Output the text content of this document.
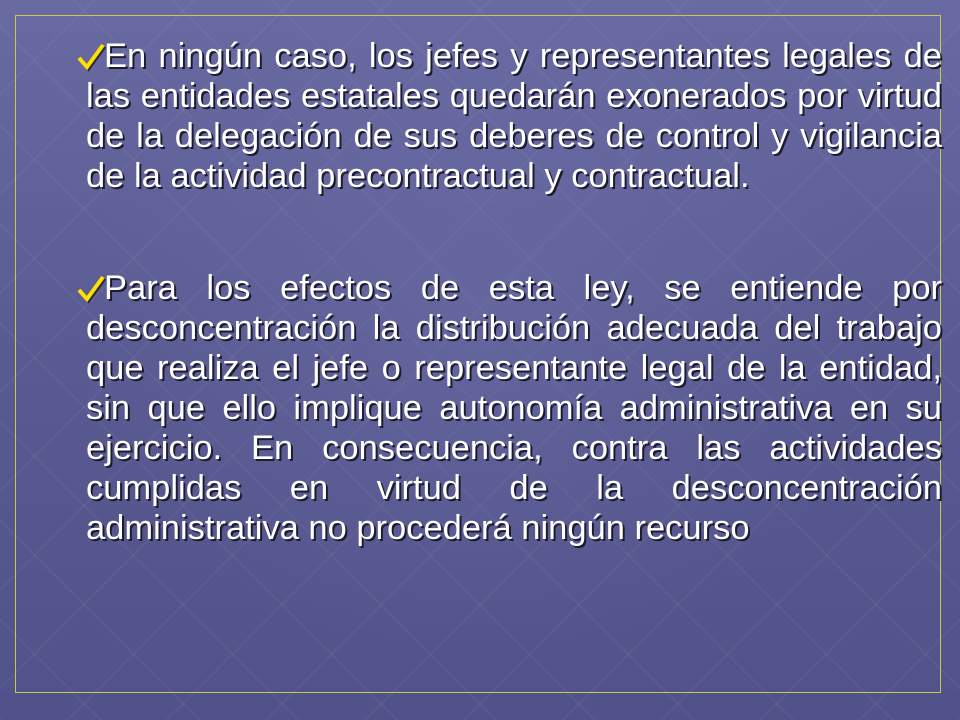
En ningún caso, los jefes y representantes legales de las entidades estatales quedarán exonerados por virtud de la delegación de sus deberes de control y vigilancia de la actividad precontractual y contractual.
Para los efectos de esta ley, se entiende por desconcentración la distribución adecuada del trabajo que realiza el jefe o representante legal de la entidad, sin que ello implique autonomía administrativa en su ejercicio. En consecuencia, contra las actividades cumplidas en virtud de la desconcentración administrativa no procederá ningún recurso
